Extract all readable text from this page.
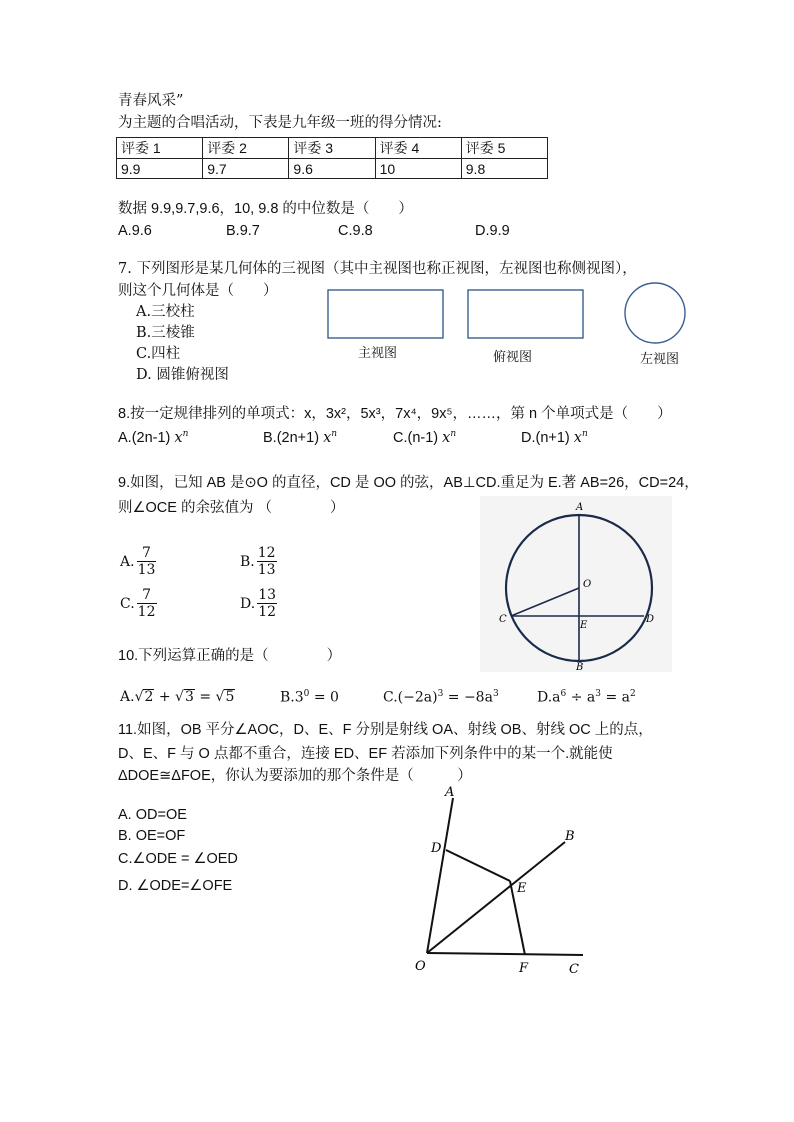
青春风采”
为主题的合唱活动，下表是九年级一班的得分情况:
评委 1	评委 2	评委 3	评委 4	评委 5
9.9	9.7	9.6	10	9.8
数据 9.9,9.7,9.6，10, 9.8 的中位数是（　　）
A.9.6	B.9.7	C.9.8	D.9.9
7. 下列图形是某几何体的三视图（其中主视图也称正视图，左视图也称侧视图），
则这个几何体是（　　）
A.三校柱
B.三棱锥
C.四柱
D. 圆锥俯视图
主视图	俯视图	左视图
8.按一定规律排列的单项式：x，3x²，5x³，7x⁴，9x⁵，……，第 n 个单项式是（　　）
A.(2n-1) $x^n$	B.(2n+1) $x^n$	C.(n-1) $x^n$	D.(n+1) $x^n$
9.如图，已知 AB 是⊙O 的直径，CD 是 OO 的弦，AB⊥CD.重足为 E.著 AB=26，CD=24，
则∠OCE 的余弦值为 （　　　　）
A. $\frac{7}{13}$	B. $\frac{12}{13}$
C. $\frac{7}{12}$	D. $\frac{13}{12}$
A
O
C
E
D
B
10.下列运算正确的是（　　　　）
A.√2 + √3 = √5	$B.3^0 = 0$	$C.(-2a)^3 = -8a^3$	$D.a^6 \div a^3 = a^2$
11.如图，OB 平分∠AOC，D、E、F 分别是射线 OA、射线 OB、射线 OC 上的点，
D、E、F 与 O 点都不重合，连接 ED、EF 若添加下列条件中的某一个.就能使
ΔDOE≅ΔFOE，你认为要添加的那个条件是（　　　）
A. OD=OE
B. OE=OF
C.∠ODE = ∠OED
D. ∠ODE=∠OFE
A
B
C
D
E
F
O
